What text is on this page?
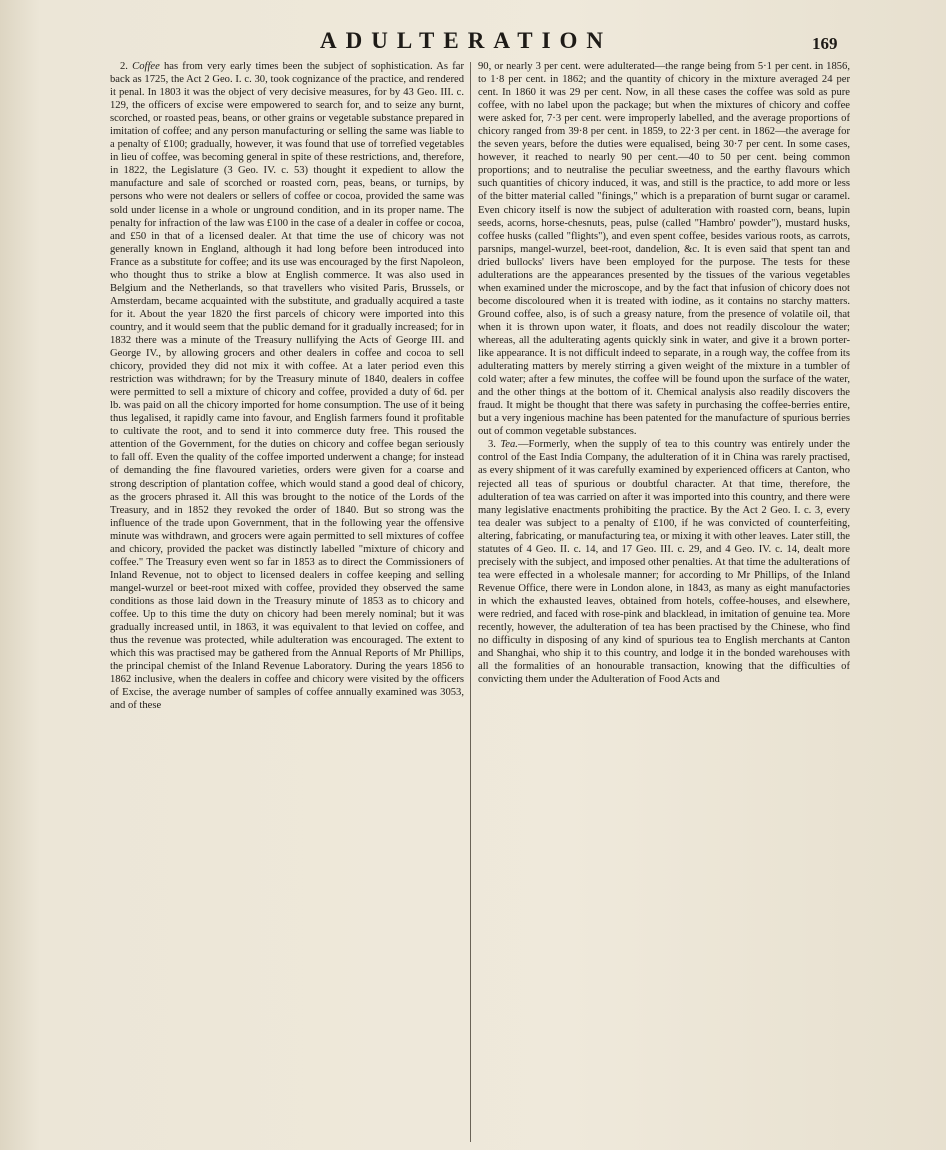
ADULTERATION	169

2. Coffee has from very early times been the subject of sophistication. As far back as 1725, the Act 2 Geo. I. c. 30, took cognizance of the practice, and rendered it penal. In 1803 it was the object of very decisive measures, for by 43 Geo. III. c. 129, the officers of excise were empowered to search for, and to seize any burnt, scorched, or roasted peas, beans, or other grains or vegetable substance prepared in imitation of coffee; and any person manufacturing or selling the same was liable to a penalty of £100; gradually, however, it was found that use of torrefied vegetables in lieu of coffee, was becoming general in spite of these restrictions, and, therefore, in 1822, the Legislature (3 Geo. IV. c. 53) thought it expedient to allow the manufacture and sale of scorched or roasted corn, peas, beans, or turnips, by persons who were not dealers or sellers of coffee or cocoa, provided the same was sold under license in a whole or unground condition, and in its proper name. The penalty for infraction of the law was £100 in the case of a dealer in coffee or cocoa, and £50 in that of a licensed dealer. At that time the use of chicory was not generally known in England, although it had long before been introduced into France as a substitute for coffee; and its use was encouraged by the first Napoleon, who thought thus to strike a blow at English commerce. It was also used in Belgium and the Netherlands, so that travellers who visited Paris, Brussels, or Amsterdam, became acquainted with the substitute, and gradually acquired a taste for it. About the year 1820 the first parcels of chicory were imported into this country, and it would seem that the public demand for it gradually increased; for in 1832 there was a minute of the Treasury nullifying the Acts of George III. and George IV., by allowing grocers and other dealers in coffee and cocoa to sell chicory, provided they did not mix it with coffee. At a later period even this restriction was withdrawn; for by the Treasury minute of 1840, dealers in coffee were permitted to sell a mixture of chicory and coffee, provided a duty of 6d. per lb. was paid on all the chicory imported for home consumption. The use of it being thus legalised, it rapidly came into favour, and English farmers found it profitable to cultivate the root, and to send it into commerce duty free. This roused the attention of the Government, for the duties on chicory and coffee began seriously to fall off. Even the quality of the coffee imported underwent a change; for instead of demanding the fine flavoured varieties, orders were given for a coarse and strong description of plantation coffee, which would stand a good deal of chicory, as the grocers phrased it. All this was brought to the notice of the Lords of the Treasury, and in 1852 they revoked the order of 1840. But so strong was the influence of the trade upon Government, that in the following year the offensive minute was withdrawn, and grocers were again permitted to sell mixtures of coffee and chicory, provided the packet was distinctly labelled "mixture of chicory and coffee." The Treasury even went so far in 1853 as to direct the Commissioners of Inland Revenue, not to object to licensed dealers in coffee keeping and selling mangel-wurzel or beet-root mixed with coffee, provided they observed the same conditions as those laid down in the Treasury minute of 1853 as to chicory and coffee. Up to this time the duty on chicory had been merely nominal; but it was gradually increased until, in 1863, it was equivalent to that levied on coffee, and thus the revenue was protected, while adulteration was encouraged. The extent to which this was practised may be gathered from the Annual Reports of Mr Phillips, the principal chemist of the Inland Revenue Laboratory. During the years 1856 to 1862 inclusive, when the dealers in coffee and chicory were visited by the officers of Excise, the average number of samples of coffee annually examined was 3053, and of these

90, or nearly 3 per cent. were adulterated—the range being from 5·1 per cent. in 1856, to 1·8 per cent. in 1862; and the quantity of chicory in the mixture averaged 24 per cent. In 1860 it was 29 per cent. Now, in all these cases the coffee was sold as pure coffee, with no label upon the package; but when the mixtures of chicory and coffee were asked for, 7·3 per cent. were improperly labelled, and the average proportions of chicory ranged from 39·8 per cent. in 1859, to 22·3 per cent. in 1862—the average for the seven years, before the duties were equalised, being 30·7 per cent. In some cases, however, it reached to nearly 90 per cent.—40 to 50 per cent. being common proportions; and to neutralise the peculiar sweetness, and the earthy flavours which such quantities of chicory induced, it was, and still is the practice, to add more or less of the bitter material called "finings," which is a preparation of burnt sugar or caramel. Even chicory itself is now the subject of adulteration with roasted corn, beans, lupin seeds, acorns, horse-chesnuts, peas, pulse (called "Hambro' powder"), mustard husks, coffee husks (called "flights"), and even spent coffee, besides various roots, as carrots, parsnips, mangel-wurzel, beet-root, dandelion, &c. It is even said that spent tan and dried bullocks' livers have been employed for the purpose. The tests for these adulterations are the appearances presented by the tissues of the various vegetables when examined under the microscope, and by the fact that infusion of chicory does not become discoloured when it is treated with iodine, as it contains no starchy matters. Ground coffee, also, is of such a greasy nature, from the presence of volatile oil, that when it is thrown upon water, it floats, and does not readily discolour the water; whereas, all the adulterating agents quickly sink in water, and give it a brown porter-like appearance. It is not difficult indeed to separate, in a rough way, the coffee from its adulterating matters by merely stirring a given weight of the mixture in a tumbler of cold water; after a few minutes, the coffee will be found upon the surface of the water, and the other things at the bottom of it. Chemical analysis also readily discovers the fraud. It might be thought that there was safety in purchasing the coffee-berries entire, but a very ingenious machine has been patented for the manufacture of spurious berries out of common vegetable substances.

3. Tea.—Formerly, when the supply of tea to this country was entirely under the control of the East India Company, the adulteration of it in China was rarely practised, as every shipment of it was carefully examined by experienced officers at Canton, who rejected all teas of spurious or doubtful character. At that time, therefore, the adulteration of tea was carried on after it was imported into this country, and there were many legislative enactments prohibiting the practice. By the Act 2 Geo. I. c. 3, every tea dealer was subject to a penalty of £100, if he was convicted of counterfeiting, altering, fabricating, or manufacturing tea, or mixing it with other leaves. Later still, the statutes of 4 Geo. II. c. 14, and 17 Geo. III. c. 29, and 4 Geo. IV. c. 14, dealt more precisely with the subject, and imposed other penalties. At that time the adulterations of tea were effected in a wholesale manner; for according to Mr Phillips, of the Inland Revenue Office, there were in London alone, in 1843, as many as eight manufactories in which the exhausted leaves, obtained from hotels, coffee-houses, and elsewhere, were redried, and faced with rose-pink and blacklead, in imitation of genuine tea. More recently, however, the adulteration of tea has been practised by the Chinese, who find no difficulty in disposing of any kind of spurious tea to English merchants at Canton and Shanghai, who ship it to this country, and lodge it in the bonded warehouses with all the formalities of an honourable transaction, knowing that the difficulties of convicting them under the Adulteration of Food Acts and
